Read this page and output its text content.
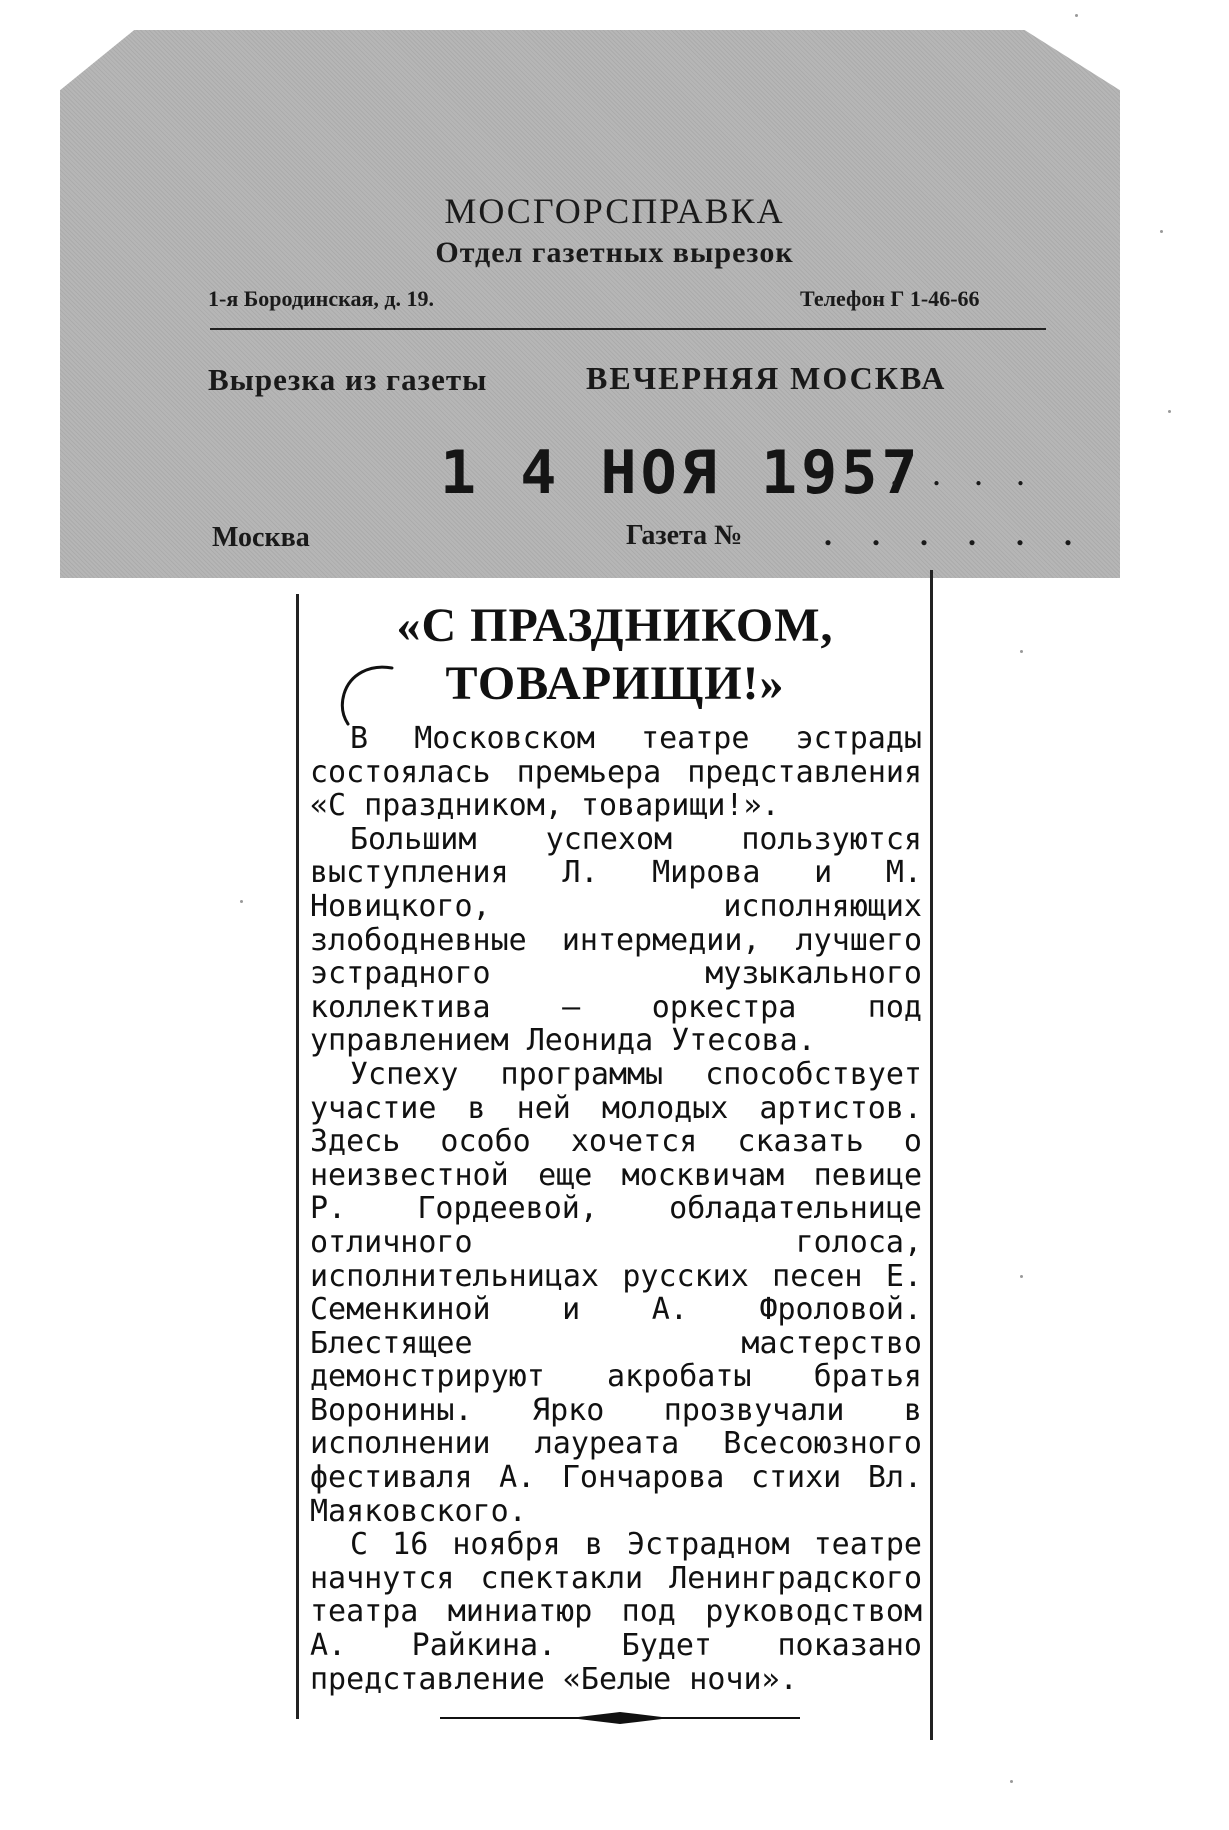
МОСГОРСПРАВКА
Отдел газетных вырезок
1-я Бородинская, д. 19.	Телефон Г 1-46-66
Вырезка из газеты	ВЕЧЕРНЯЯ МОСКВА
1 4 НОЯ 1957
. . . .
Москва	Газета №	. . . . . .
«С ПРАЗДНИКОМ,
ТОВАРИЩИ!»

В Московском театре эстрады состоялась премьера представления «С праздником, товарищи!».

Большим успехом пользуются выступления Л. Мирова и М. Новицкого, исполняющих злободневные интермедии, лучшего эстрадного музыкального коллектива — оркестра под управлением Леонида Утесова.

Успеху программы способствует участие в ней молодых артистов. Здесь особо хочется сказать о неизвестной еще москвичам певице Р. Гордеевой, обладательнице отличного голоса, исполнительницах русских песен Е. Семенкиной и А. Фроловой. Блестящее мастерство демонстрируют акробаты братья Воронины. Ярко прозвучали в исполнении лауреата Всесоюзного фестиваля А. Гончарова стихи Вл. Маяковского.

С 16 ноября в Эстрадном театре начнутся спектакли Ленинградского театра миниатюр под руководством А. Райкина. Будет показано представление «Белые ночи».
